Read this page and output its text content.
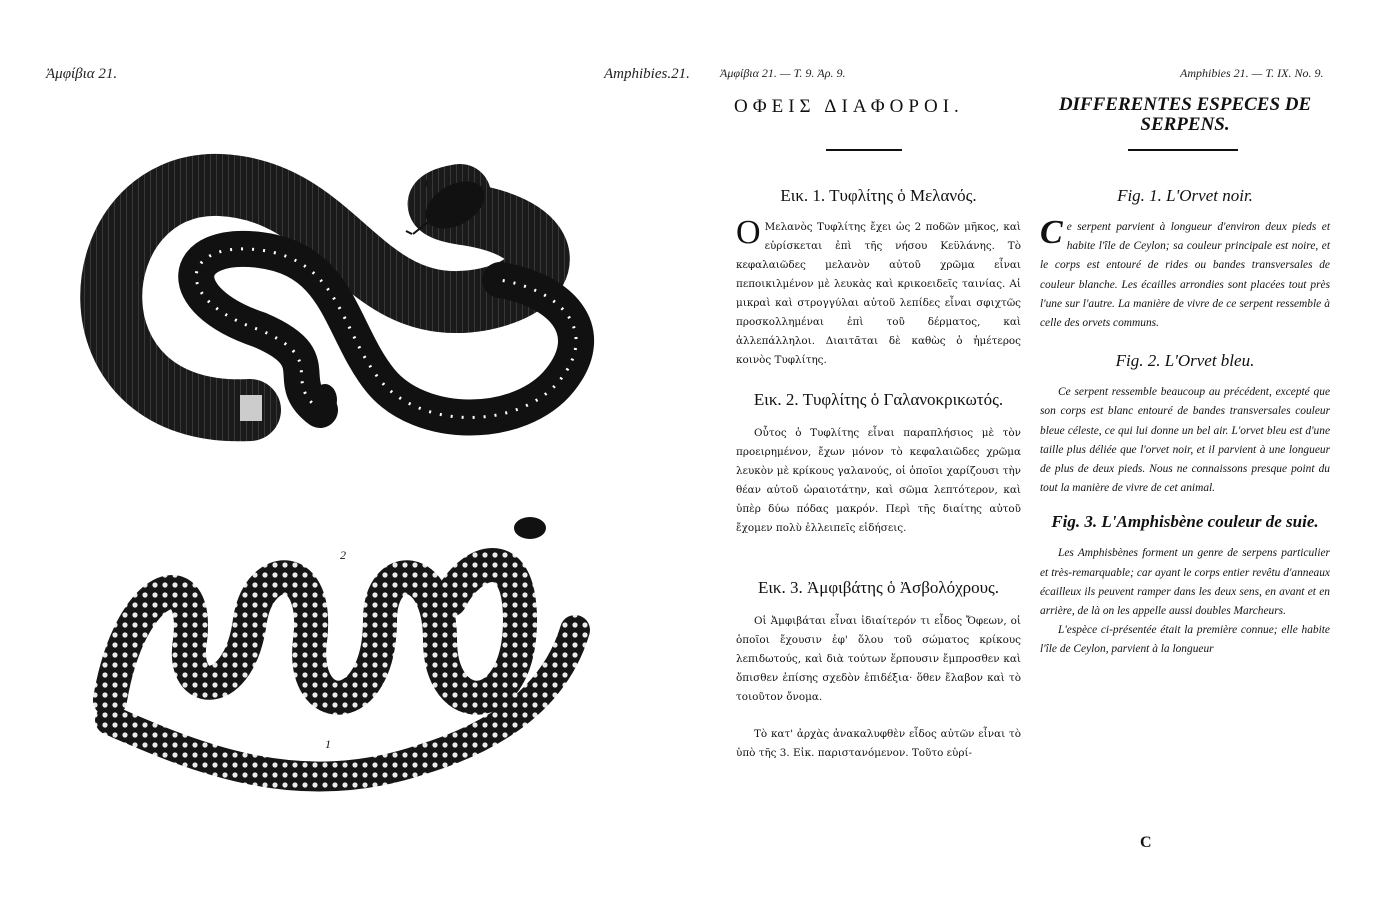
Ἀμφίβια 21.	Amphibies.21.
1
3
2
1
Ἀμφίβια 21. — Τ. 9. Ἀρ. 9.	Amphibies 21. — T. IX. No. 9.
ΟΦΕΙΣ ΔΙΑΦΟΡΟΙ.	DIFFERENTES ESPECES DE SERPENS.
Εικ. 1. Τυφλίτης ὁ Μελανός.

Ο Μελανὸς Τυφλίτης ἔχει ὡς 2 ποδῶν μῆκος, καὶ εὑρίσκεται ἐπὶ τῆς νήσου Κεϋλάνης. Τὸ κεφαλαιῶδες μελανὸν αὐτοῦ χρῶμα εἶναι πεποικιλμένον μὲ λευκὰς καὶ κρικοειδεῖς ταινίας. Αἱ μικραὶ καὶ στρογγύλαι αὐτοῦ λεπίδες εἶναι σφιχτῶς προσκολλημέναι ἐπὶ τοῦ δέρματος, καὶ ἀλλεπάλληλοι. Διαιτᾶται δὲ καθὼς ὁ ἡμέτερος κοινὸς Τυφλίτης.

Εικ. 2. Τυφλίτης ὁ Γαλανοκρικωτός.

Οὗτος ὁ Τυφλίτης εἶναι παραπλήσιος μὲ τὸν προειρημένον, ἔχων μόνον τὸ κεφαλαιῶδες χρῶμα λευκὸν μὲ κρίκους γαλανούς, οἱ ὁποῖοι χαρίζουσι τὴν θέαν αὐτοῦ ὡραιοτάτην, καὶ σῶμα λεπτότερον, καὶ ὑπὲρ δύω πόδας μακρόν. Περὶ τῆς διαίτης αὐτοῦ ἔχομεν πολὺ ἐλλειπεῖς εἰδήσεις.

Εικ. 3. Ἀμφιβάτης ὁ Ἀσβολόχρους.

Οἱ Ἀμφιβάται εἶναι ἰδιαίτερόν τι εἶδος Ὄφεων, οἱ ὁποῖοι ἔχουσιν ἐφ' ὅλου τοῦ σώματος κρίκους λεπιδωτούς, καὶ διὰ τούτων ἕρπουσιν ἔμπροσθεν καὶ ὄπισθεν ἐπίσης σχεδὸν ἐπιδέξια· ὅθεν ἔλαβον καὶ τὸ τοιοῦτον ὄνομα.

Τὸ κατ' ἀρχὰς ἀνακαλυφθὲν εἶδος αὐτῶν εἶναι τὸ ὑπὸ τῆς 3. Εἰκ. παριστανόμενον. Τοῦτο εὑρί-

Fig. 1. L'Orvet noir.

Ce serpent parvient à longueur d'environ deux pieds et habite l'île de Ceylon; sa couleur principale est noire, et le corps est entouré de rides ou bandes transversales de couleur blanche. Les écailles arrondies sont placées tout près l'une sur l'autre. La manière de vivre de ce serpent ressemble à celle des orvets communs.

Fig. 2. L'Orvet bleu.

Ce serpent ressemble beaucoup au précédent, excepté que son corps est blanc entouré de bandes transversales couleur bleue céleste, ce qui lui donne un bel air. L'orvet bleu est d'une taille plus déliée que l'orvet noir, et il parvient à une longueur de plus de deux pieds. Nous ne connaissons presque point du tout la manière de vivre de cet animal.

Fig. 3. L'Amphisbène couleur de suie.

Les Amphisbènes forment un genre de serpens particulier et très-remarquable; car ayant le corps entier revêtu d'anneaux écailleux ils peuvent ramper dans les deux sens, en avant et en arrière, de là on les appelle aussi doubles Marcheurs.

L'espèce ci-présentée était la première connue; elle habite l'île de Ceylon, parvient à la longueur

C
